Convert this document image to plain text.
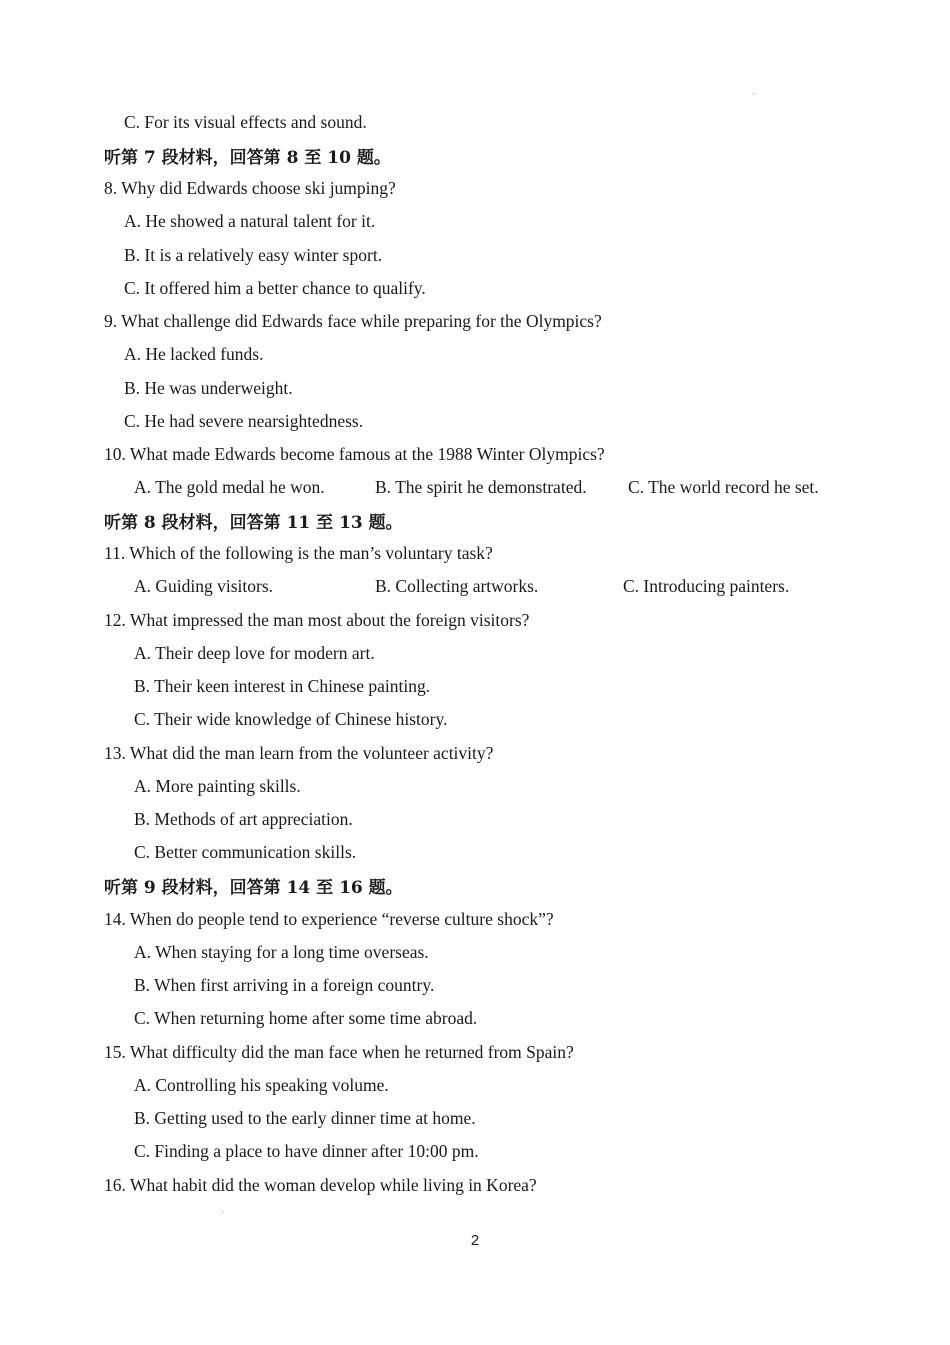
C. For its visual effects and sound.
听第 7 段材料，回答第 8 至 10 题。
8. Why did Edwards choose ski jumping?
A. He showed a natural talent for it.
B. It is a relatively easy winter sport.
C. It offered him a better chance to qualify.
9. What challenge did Edwards face while preparing for the Olympics?
A. He lacked funds.
B. He was underweight.
C. He had severe nearsightedness.
10. What made Edwards become famous at the 1988 Winter Olympics?
A. The gold medal he won.	B. The spirit he demonstrated. C. The world record he set.
听第 8 段材料，回答第 11 至 13 题。
11. Which of the following is the man’s voluntary task?
A. Guiding visitors.	B. Collecting artworks.	C. Introducing painters.
12. What impressed the man most about the foreign visitors?
A. Their deep love for modern art.
B. Their keen interest in Chinese painting.
C. Their wide knowledge of Chinese history.
13. What did the man learn from the volunteer activity?
A. More painting skills.
B. Methods of art appreciation.
C. Better communication skills.
听第 9 段材料，回答第 14 至 16 题。
14. When do people tend to experience “reverse culture shock”?
A. When staying for a long time overseas.
B. When first arriving in a foreign country.
C. When returning home after some time abroad.
15. What difficulty did the man face when he returned from Spain?
A. Controlling his speaking volume.
B. Getting used to the early dinner time at home.
C. Finding a place to have dinner after 10:00 pm.
16. What habit did the woman develop while living in Korea?
2
